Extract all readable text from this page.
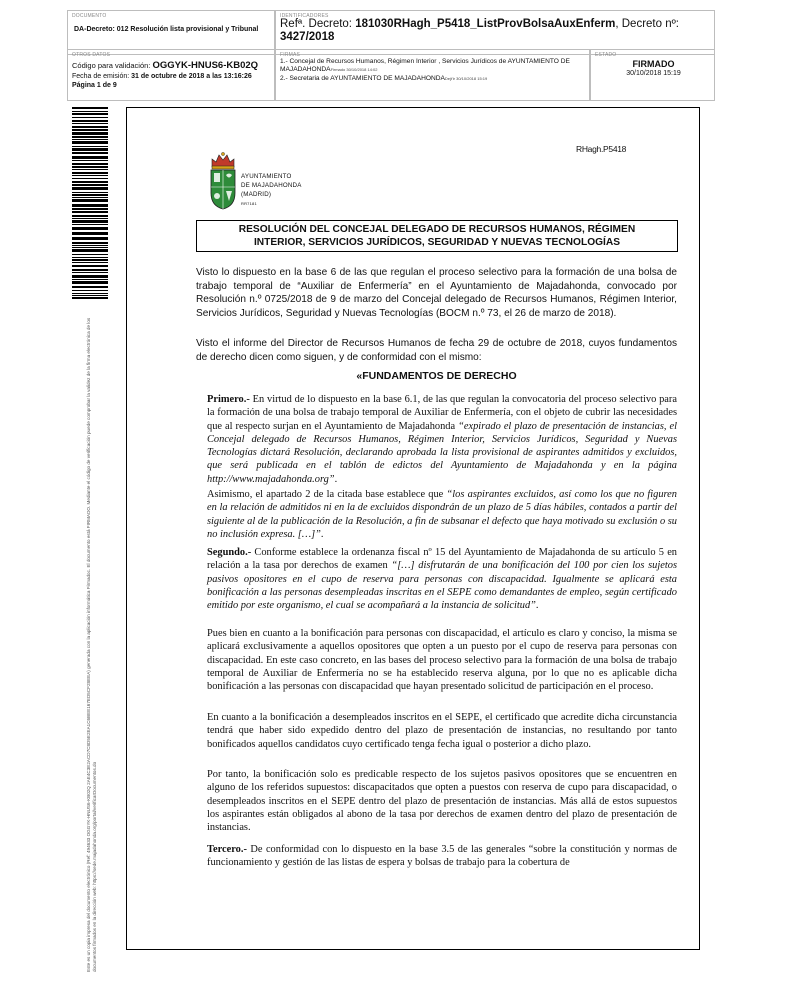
DOCUMENTO
DA-Decreto: 012 Resolución lista provisional y Tribunal
IDENTIFICADORES
Refª. Decreto: 181030RHagh_P5418_ListProvBolsaAuxEnferm, Decreto nº: 3427/2018
OTROS DATOS
Código para validación: OGGYK-HNUS6-KB02Q
Fecha de emisión: 31 de octubre de 2018 a las 13:16:26
Página 1 de 9
FIRMAS
1.- Concejal de Recursos Humanos, Régimen Interior , Servicios Jurídicos de AYUNTAMIENTO DE MAJADAHONDAFirmado 30/10/2018 14:02
2.- Secretaria de AYUNTAMIENTO DE MAJADAHONDADejt'ir 30/10/2018 15:19
ESTADO
FIRMADO
30/10/2018 15:19
Este es un copia impresa del documento electrónico (Ref: 494633 OGGYK-HNUS6-KB02Q 2AE4C3E2ACD7C8D5E2EA1C6BEE167ED5CF28EEA) generada con la aplicación informática Firmadoc. El documento está FIRMADO. Mediante el código de verificación puede comprobar la validez de la firma electrónica de los documentos firmados en la dirección web: https://sede.majadahonda.org/portal/verificarDocumentos.do
RHagh.P5418
AYUNTAMIENTO
DE MAJADAHONDA
(MADRID)
RR7181
RESOLUCIÓN DEL CONCEJAL DELEGADO DE RECURSOS HUMANOS, RÉGIMEN
INTERIOR, SERVICIOS JURÍDICOS, SEGURIDAD Y NUEVAS TECNOLOGÍAS
Visto lo dispuesto en la base 6 de las que regulan el proceso selectivo para la formación de una bolsa de trabajo temporal de “Auxiliar de Enfermería” en el Ayuntamiento de Majadahonda, convocado por Resolución n.º 0725/2018 de 9 de marzo del Concejal delegado de Recursos Humanos, Régimen Interior, Servicios Jurídicos, Seguridad y Nuevas Tecnologías (BOCM n.º 73, el 26 de marzo de 2018).
Visto el informe del Director de Recursos Humanos de fecha 29 de octubre de 2018, cuyos fundamentos de derecho dicen como siguen, y de conformidad con el mismo:
«FUNDAMENTOS DE DERECHO
Primero.- En virtud de lo dispuesto en la base 6.1, de las que regulan la convocatoria del proceso selectivo para la formación de una bolsa de trabajo temporal de Auxiliar de Enfermería, con el objeto de cubrir las necesidades que al respecto surjan en el Ayuntamiento de Majadahonda “expirado el plazo de presentación de instancias, el Concejal delegado de Recursos Humanos, Régimen Interior, Servicios Jurídicos, Seguridad y Nuevas Tecnologías dictará Resolución, declarando aprobada la lista provisional de aspirantes admitidos y excluidos, que será publicada en el tablón de edictos del Ayuntamiento de Majadahonda y en la página http://www.majadahonda.org”.
Asimismo, el apartado 2 de la citada base establece que “los aspirantes excluidos, así como los que no figuren en la relación de admitidos ni en la de excluidos dispondrán de un plazo de 5 días hábiles, contados a partir del siguiente al de la publicación de la Resolución, a fin de subsanar el defecto que haya motivado su exclusión o su no inclusión expresa. […]”.
Segundo.- Conforme establece la ordenanza fiscal nº 15 del Ayuntamiento de Majadahonda de su artículo 5 en relación a la tasa por derechos de examen “[…] disfrutarán de una bonificación del 100 por cien los sujetos pasivos opositores en el cupo de reserva para personas con discapacidad. Igualmente se aplicará esta bonificación a las personas desempleadas inscritas en el SEPE como demandantes de empleo, según certificado emitido por este organismo, el cual se acompañará a la instancia de solicitud”.
Pues bien en cuanto a la bonificación para personas con discapacidad, el artículo es claro y conciso, la misma se aplicará exclusivamente a aquellos opositores que opten a un puesto por el cupo de reserva para personas con discapacidad. En este caso concreto, en las bases del proceso selectivo para la formación de una bolsa de trabajo temporal de Auxiliar de Enfermería no se ha establecido reserva alguna, por lo que no es aplicable dicha bonificación a las personas con discapacidad que hayan presentado solicitud de participación en el proceso.
En cuanto a la bonificación a desempleados inscritos en el SEPE, el certificado que acredite dicha circunstancia tendrá que haber sido expedido dentro del plazo de presentación de instancias, no resultando por tanto bonificados aquellos candidatos cuyo certificado tenga fecha igual o posterior a dicho plazo.
Por tanto, la bonificación solo es predicable respecto de los sujetos pasivos opositores que se encuentren en alguno de los referidos supuestos: discapacitados que opten a puestos con reserva de cupo para discapacidad, o desempleados inscritos en el SEPE dentro del plazo de presentación de instancias. Más allá de estos supuestos los aspirantes están obligados al abono de la tasa por derechos de examen dentro del plazo de presentación de instancias.
Tercero.- De conformidad con lo dispuesto en la base 3.5 de las generales “sobre la constitución y normas de funcionamiento y gestión de las listas de espera y bolsas de trabajo para la cobertura de
